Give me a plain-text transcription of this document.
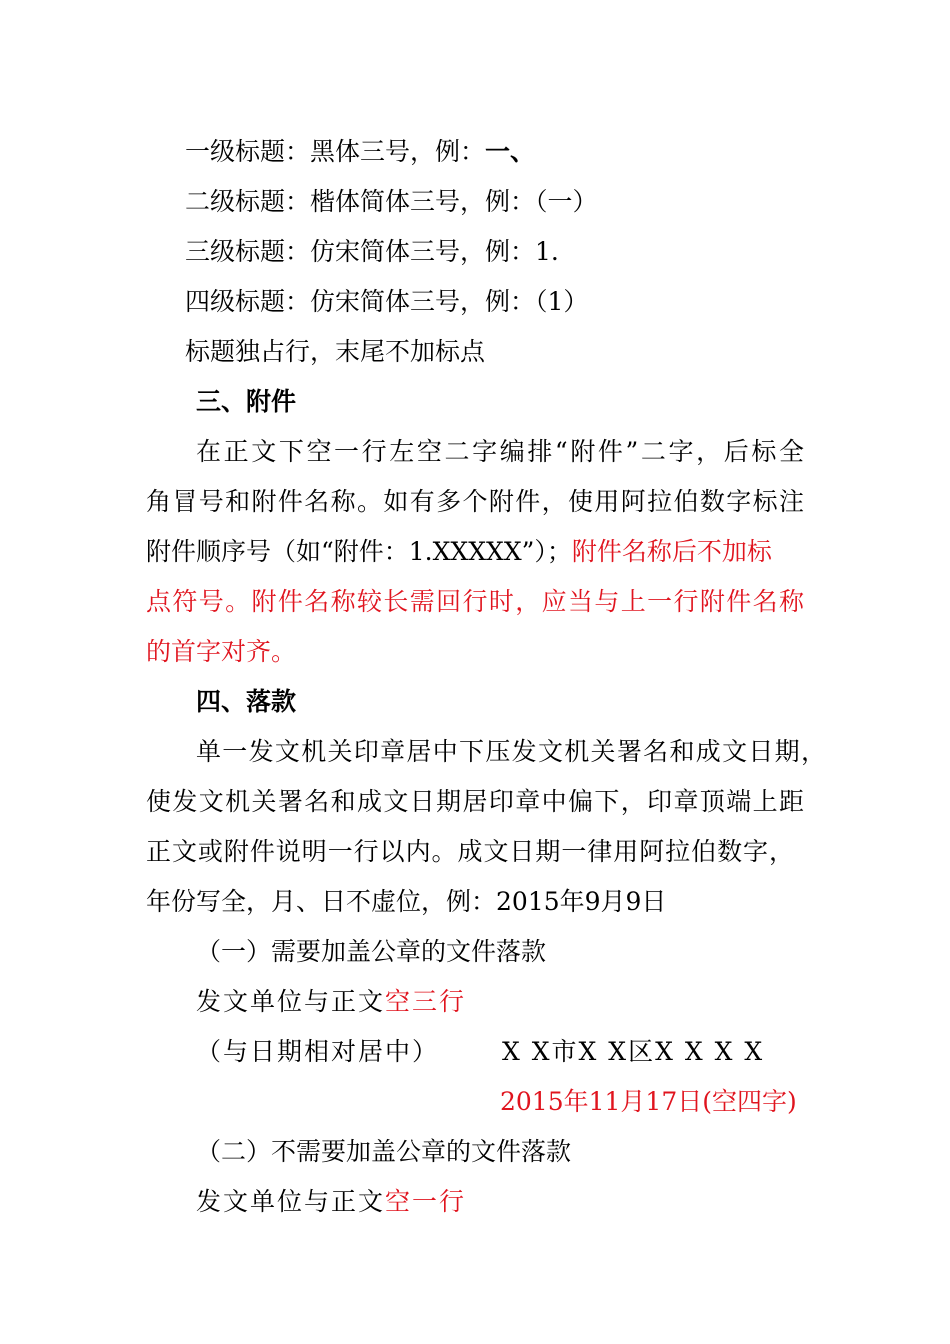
一级标题：黑体三号，例：一、
二级标题：楷体简体三号，例：（一）
三级标题：仿宋简体三号，例：1.
四级标题：仿宋简体三号，例：（1）
标题独占行，末尾不加标点
三、附件
在正文下空一行左空二字编排“附件”二字，后标全
角冒号和附件名称。如有多个附件，使用阿拉伯数字标注
附件顺序号（如“附件：1.XXXXX”）；附件名称后不加标
点符号。附件名称较长需回行时，应当与上一行附件名称
的首字对齐。
四、落款
单一发文机关印章居中下压发文机关署名和成文日期，
使发文机关署名和成文日期居印章中偏下，印章顶端上距
正文或附件说明一行以内。成文日期一律用阿拉伯数字，
年份写全，月、日不虚位，例：2015年9月9日
（一）需要加盖公章的文件落款
发文单位与正文空三行
（与日期相对居中）	X X市X X区X X X X
2015年11月17日(空四字)
（二）不需要加盖公章的文件落款
发文单位与正文空一行
